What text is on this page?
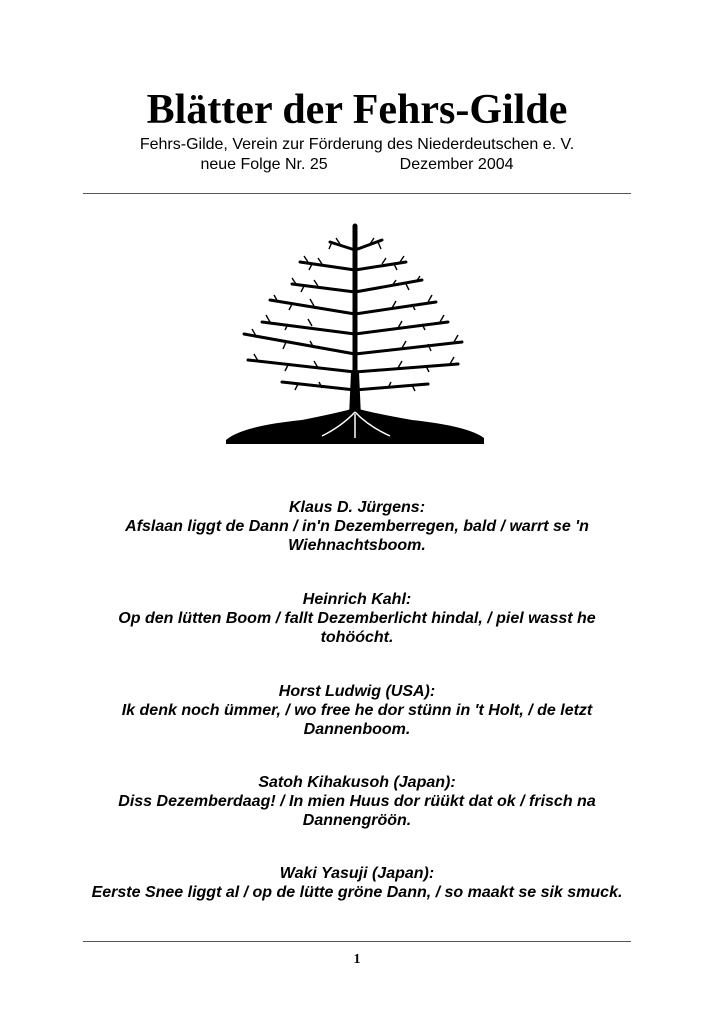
Blätter der Fehrs-Gilde
Fehrs-Gilde, Verein zur Förderung des Niederdeutschen e. V.
neue Folge Nr. 25	Dezember 2004
Klaus D. Jürgens:
Afslaan liggt de Dann / in'n Dezemberregen, bald / warrt se 'n Wiehnachtsboom.
Heinrich Kahl:
Op den lütten Boom / fallt Dezemberlicht hindal, / piel wasst he tohöócht.
Horst Ludwig (USA):
Ik denk noch ümmer, / wo free he dor stünn in 't Holt, / de letzt Dannenboom.
Satoh Kihakusoh (Japan):
Diss Dezemberdaag! / In mien Huus dor rüükt dat ok / frisch na Dannengröön.
Waki Yasuji (Japan):
Eerste Snee liggt al / op de lütte gröne Dann, / so maakt se sik smuck.
1
